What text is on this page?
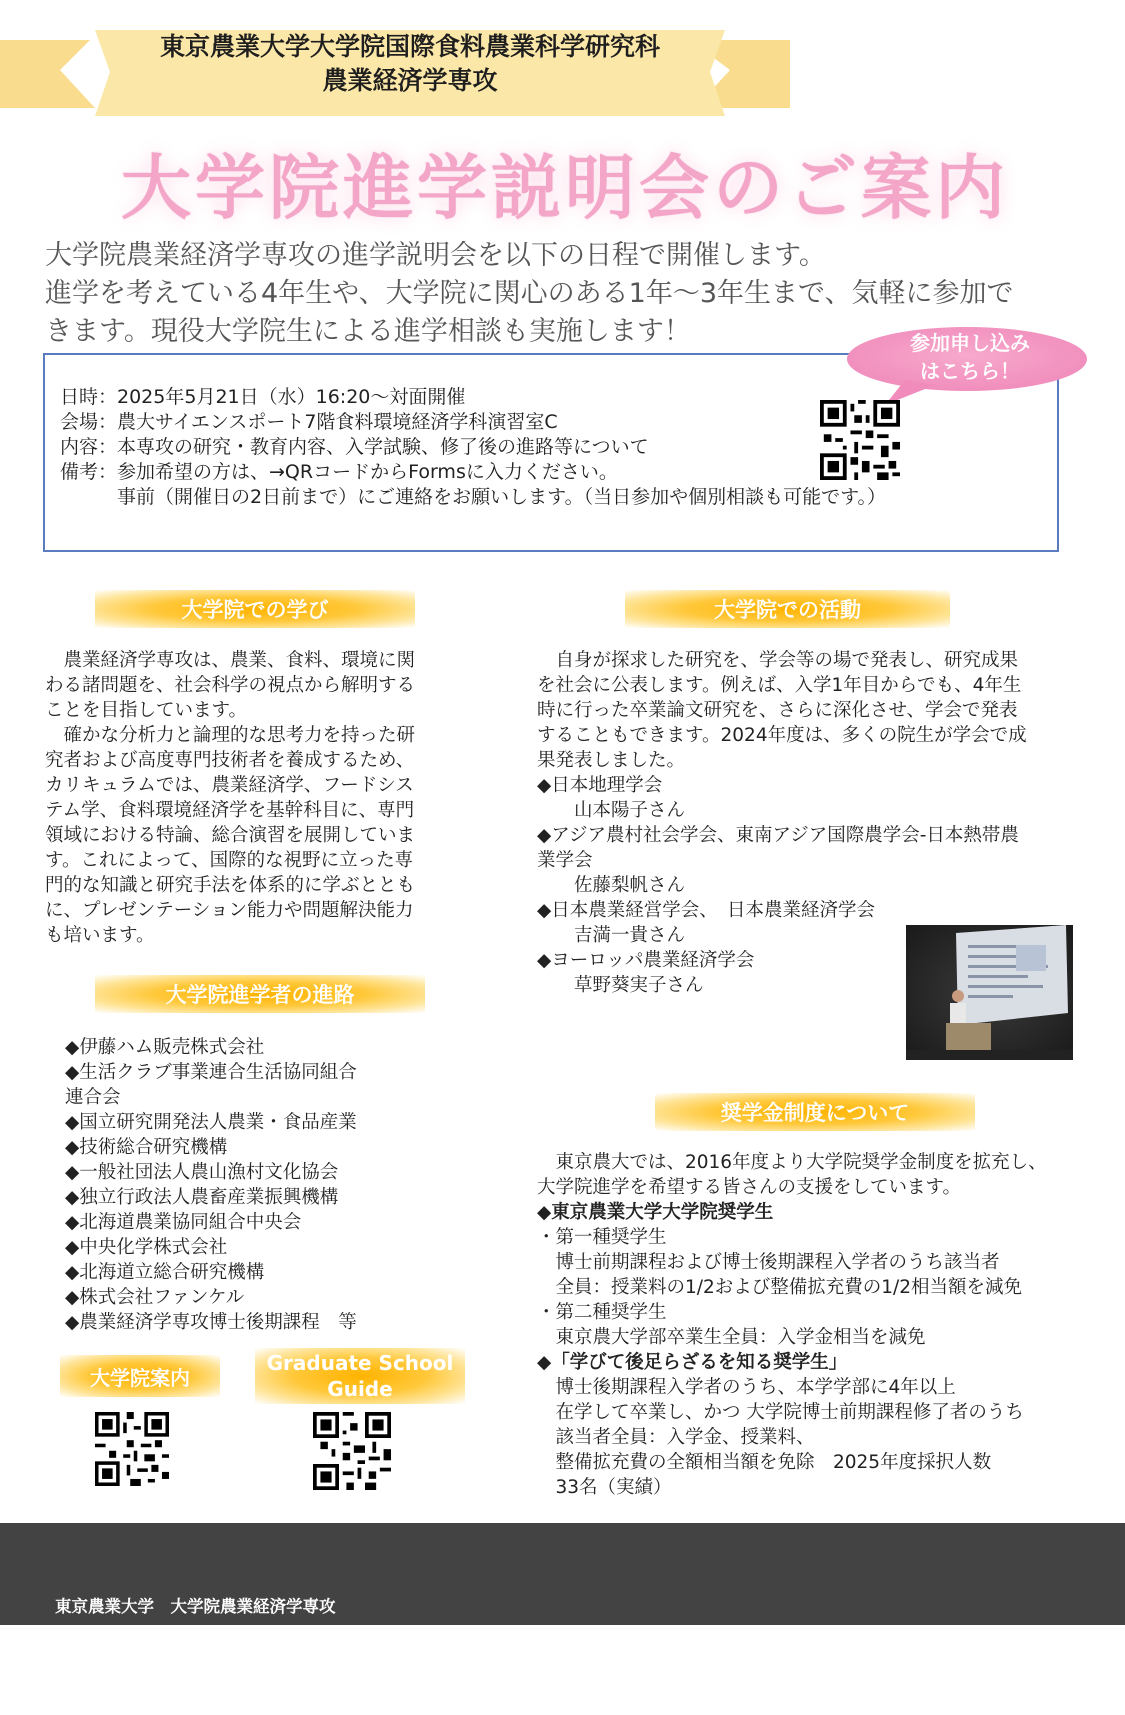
東京農業大学大学院国際食料農業科学研究科
農業経済学専攻
大学院進学説明会のご案内
大学院農業経済学専攻の進学説明会を以下の日程で開催します。
進学を考えている4年生や、大学院に関心のある1年〜3年生まで、気軽に参加で
きます。現役大学院生による進学相談も実施します！
日時：2025年5月21日（水）16:20〜対面開催
会場：農大サイエンスポート7階食料環境経済学科演習室C
内容：本専攻の研究・教育内容、入学試験、修了後の進路等について
備考：参加希望の方は、→QRコードからFormsに入力ください。
　　　事前（開催日の2日前まで）にご連絡をお願いします。（当日参加や個別相談も可能です。）
参加申し込み
はこちら！
大学院での学び
　農業経済学専攻は、農業、食料、環境に関
わる諸問題を、社会科学の視点から解明する
ことを目指しています。
　確かな分析力と論理的な思考力を持った研
究者および高度専門技術者を養成するため、
カリキュラムでは、農業経済学、フードシス
テム学、食料環境経済学を基幹科目に、専門
領域における特論、総合演習を展開していま
す。これによって、国際的な視野に立った専
門的な知識と研究手法を体系的に学ぶととも
に、プレゼンテーション能力や問題解決能力
も培います。
大学院進学者の進路
◆伊藤ハム販売株式会社
◆生活クラブ事業連合生活協同組合
連合会
◆国立研究開発法人農業・食品産業
◆技術総合研究機構
◆一般社団法人農山漁村文化協会
◆独立行政法人農畜産業振興機構
◆北海道農業協同組合中央会
◆中央化学株式会社
◆北海道立総合研究機構
◆株式会社ファンケル
◆農業経済学専攻博士後期課程　等
大学院案内
Graduate School
Guide
大学院での活動
　自身が探求した研究を、学会等の場で発表し、研究成果
を社会に公表します。例えば、入学1年目からでも、4年生
時に行った卒業論文研究を、さらに深化させ、学会で発表
することもできます。2024年度は、多くの院生が学会で成
果発表しました。
◆日本地理学会
　　山本陽子さん
◆アジア農村社会学会、東南アジア国際農学会-日本熱帯農
業学会
　　佐藤梨帆さん
◆日本農業経営学会、　日本農業経済学会
　　吉満一貴さん
◆ヨーロッパ農業経済学会
　　草野葵実子さん
奨学金制度について
　東京農大では、2016年度より大学院奨学金制度を拡充し、
大学院進学を希望する皆さんの支援をしています。
◆東京農業大学大学院奨学生
・第一種奨学生
　博士前期課程および博士後期課程入学者のうち該当者
　全員：授業料の1/2および整備拡充費の1/2相当額を減免
・第二種奨学生
　東京農大学部卒業生全員：入学金相当を減免
◆「学びて後足らざるを知る奨学生」
　博士後期課程入学者のうち、本学学部に4年以上
　在学して卒業し、かつ 大学院博士前期課程修了者のうち
　該当者全員：入学金、授業料、
　整備拡充費の全額相当額を免除　2025年度採択人数
　33名（実績）

東京農業大学　大学院農業経済学専攻

問い合わせ先　農業経済学専攻主事　藤森裕美　hf207430(atmark)nodai.ac.jp
